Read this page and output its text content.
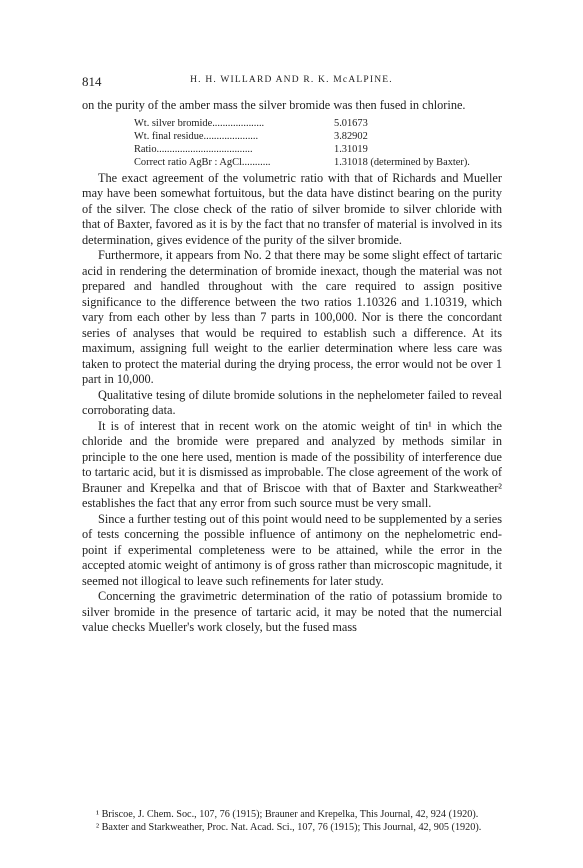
814	H. H. WILLARD AND R. K. McALPINE.

on the purity of the amber mass the silver bromide was then fused in chlorine.

Wt. silver bromide....................	5.01673
Wt. final residue.....................	3.82902
Ratio.....................................	1.31019
Correct ratio AgBr : AgCl...........	1.31018 (determined by Baxter).

The exact agreement of the volumetric ratio with that of Richards and Mueller may have been somewhat fortuitous, but the data have distinct bearing on the purity of the silver. The close check of the ratio of silver bromide to silver chloride with that of Baxter, favored as it is by the fact that no transfer of material is involved in its determination, gives evidence of the purity of the silver bromide.

Furthermore, it appears from No. 2 that there may be some slight effect of tartaric acid in rendering the determination of bromide inexact, though the material was not prepared and handled throughout with the care required to assign positive significance to the difference between the two ratios 1.10326 and 1.10319, which vary from each other by less than 7 parts in 100,000. Nor is there the concordant series of analyses that would be required to establish such a difference. At its maximum, assigning full weight to the earlier determination where less care was taken to protect the material during the drying process, the error would not be over 1 part in 10,000.

Qualitative tesing of dilute bromide solutions in the nephelometer failed to reveal corroborating data.

It is of interest that in recent work on the atomic weight of tin¹ in which the chloride and the bromide were prepared and analyzed by methods similar in principle to the one here used, mention is made of the possibility of interference due to tartaric acid, but it is dismissed as improbable. The close agreement of the work of Brauner and Krepelka and that of Briscoe with that of Baxter and Starkweather² establishes the fact that any error from such source must be very small.

Since a further testing out of this point would need to be supplemented by a series of tests concerning the possible influence of antimony on the nephelometric end-point if experimental completeness were to be attained, while the error in the accepted atomic weight of antimony is of gross rather than microscopic magnitude, it seemed not illogical to leave such refinements for later study.

Concerning the gravimetric determination of the ratio of potassium bromide to silver bromide in the presence of tartaric acid, it may be noted that the numercial value checks Mueller's work closely, but the fused mass

¹ Briscoe, J. Chem. Soc., 107, 76 (1915); Brauner and Krepelka, This Journal, 42, 924 (1920).

² Baxter and Starkweather, Proc. Nat. Acad. Sci., 107, 76 (1915); This Journal, 42, 905 (1920).
